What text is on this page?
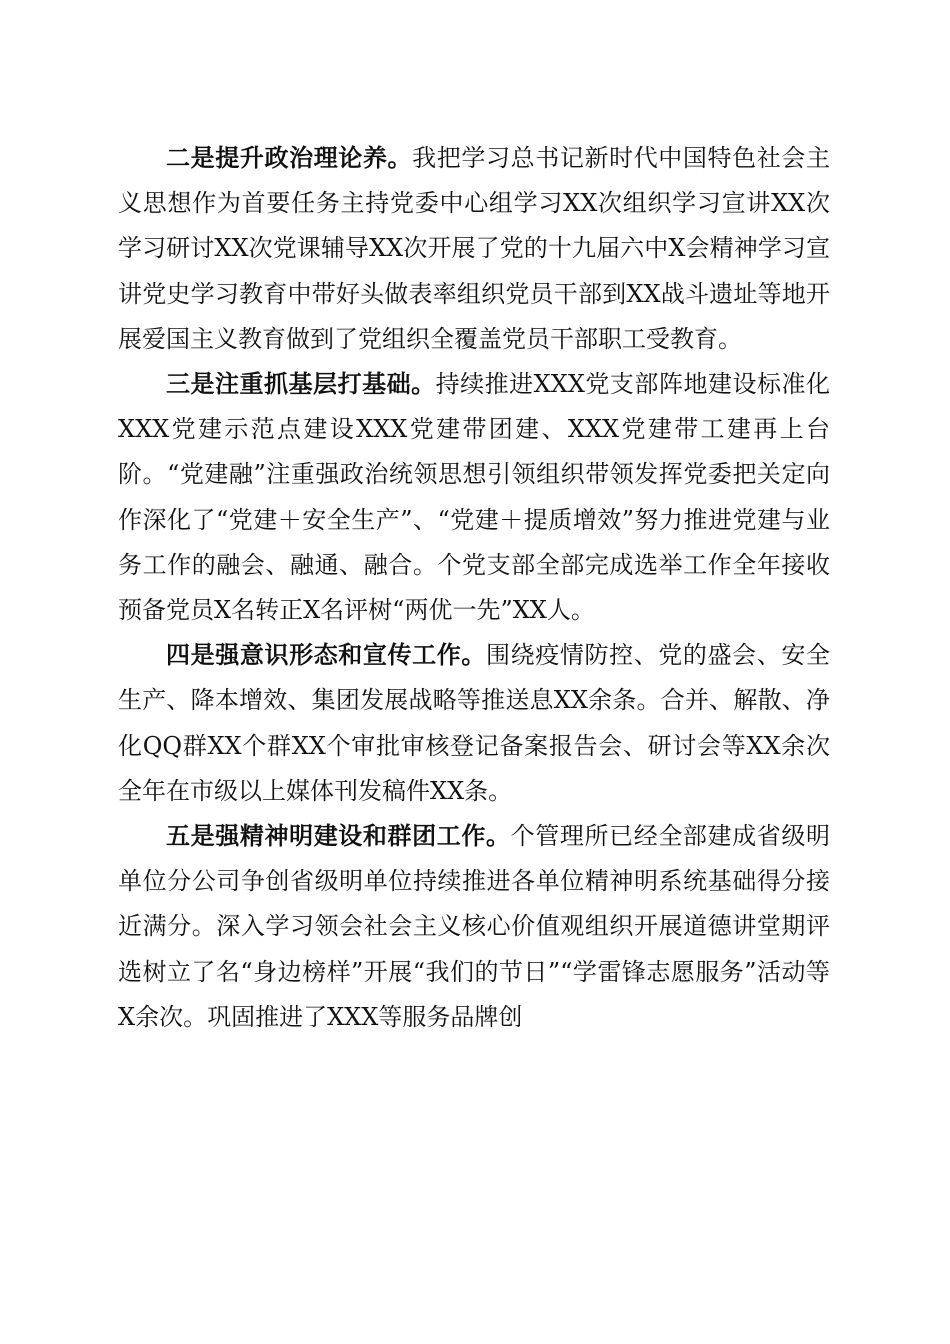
二是提升政治理论养。我把学习总书记新时代中国特色社会主义思想作为首要任务主持党委中心组学习XX次组织学习宣讲XX次学习研讨XX次党课辅导XX次开展了党的十九届六中X会精神学习宣讲党史学习教育中带好头做表率组织党员干部到XX战斗遗址等地开展爱国主义教育做到了党组织全覆盖党员干部职工受教育。

三是注重抓基层打基础。持续推进XXX党支部阵地建设标准化XXX党建示范点建设XXX党建带团建、XXX党建带工建再上台阶。“党建融”注重强政治统领思想引领组织带领发挥党委把关定向作深化了“党建＋安全生产”、“党建＋提质增效”努力推进党建与业务工作的融会、融通、融合。个党支部全部完成选举工作全年接收预备党员X名转正X名评树“两优一先”XX人。

四是强意识形态和宣传工作。围绕疫情防控、党的盛会、安全生产、降本增效、集团发展战略等推送息XX余条。合并、解散、净化QQ群XX个群XX个审批审核登记备案报告会、研讨会等XX余次全年在市级以上媒体刊发稿件XX条。

五是强精神明建设和群团工作。个管理所已经全部建成省级明单位分公司争创省级明单位持续推进各单位精神明系统基础得分接近满分。深入学习领会社会主义核心价值观组织开展道德讲堂期评选树立了名“身边榜样”开展“我们的节日”“学雷锋志愿服务”活动等X余次。巩固推进了XXX等服务品牌创
